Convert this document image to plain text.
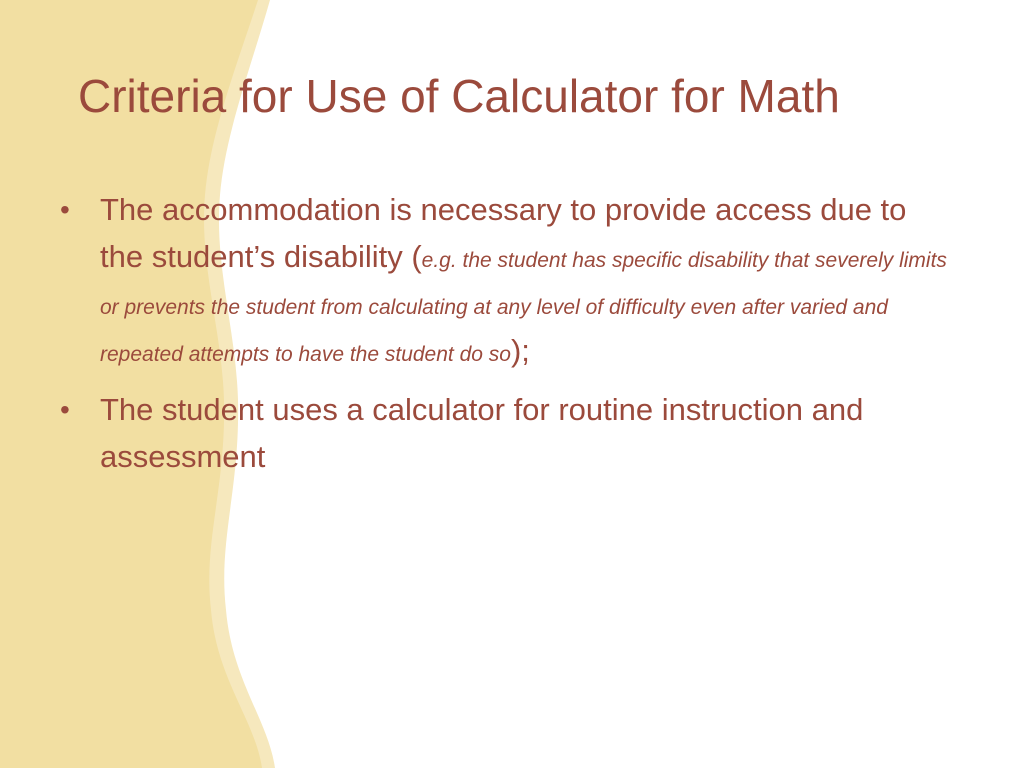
Criteria for Use of Calculator for Math
• The accommodation is necessary to provide access due to the student’s disability (e.g. the student has specific disability that severely limits or prevents the student from calculating at any level of difficulty even after varied and repeated attempts to have the student do so);
• The student uses a calculator for routine instruction and assessment
